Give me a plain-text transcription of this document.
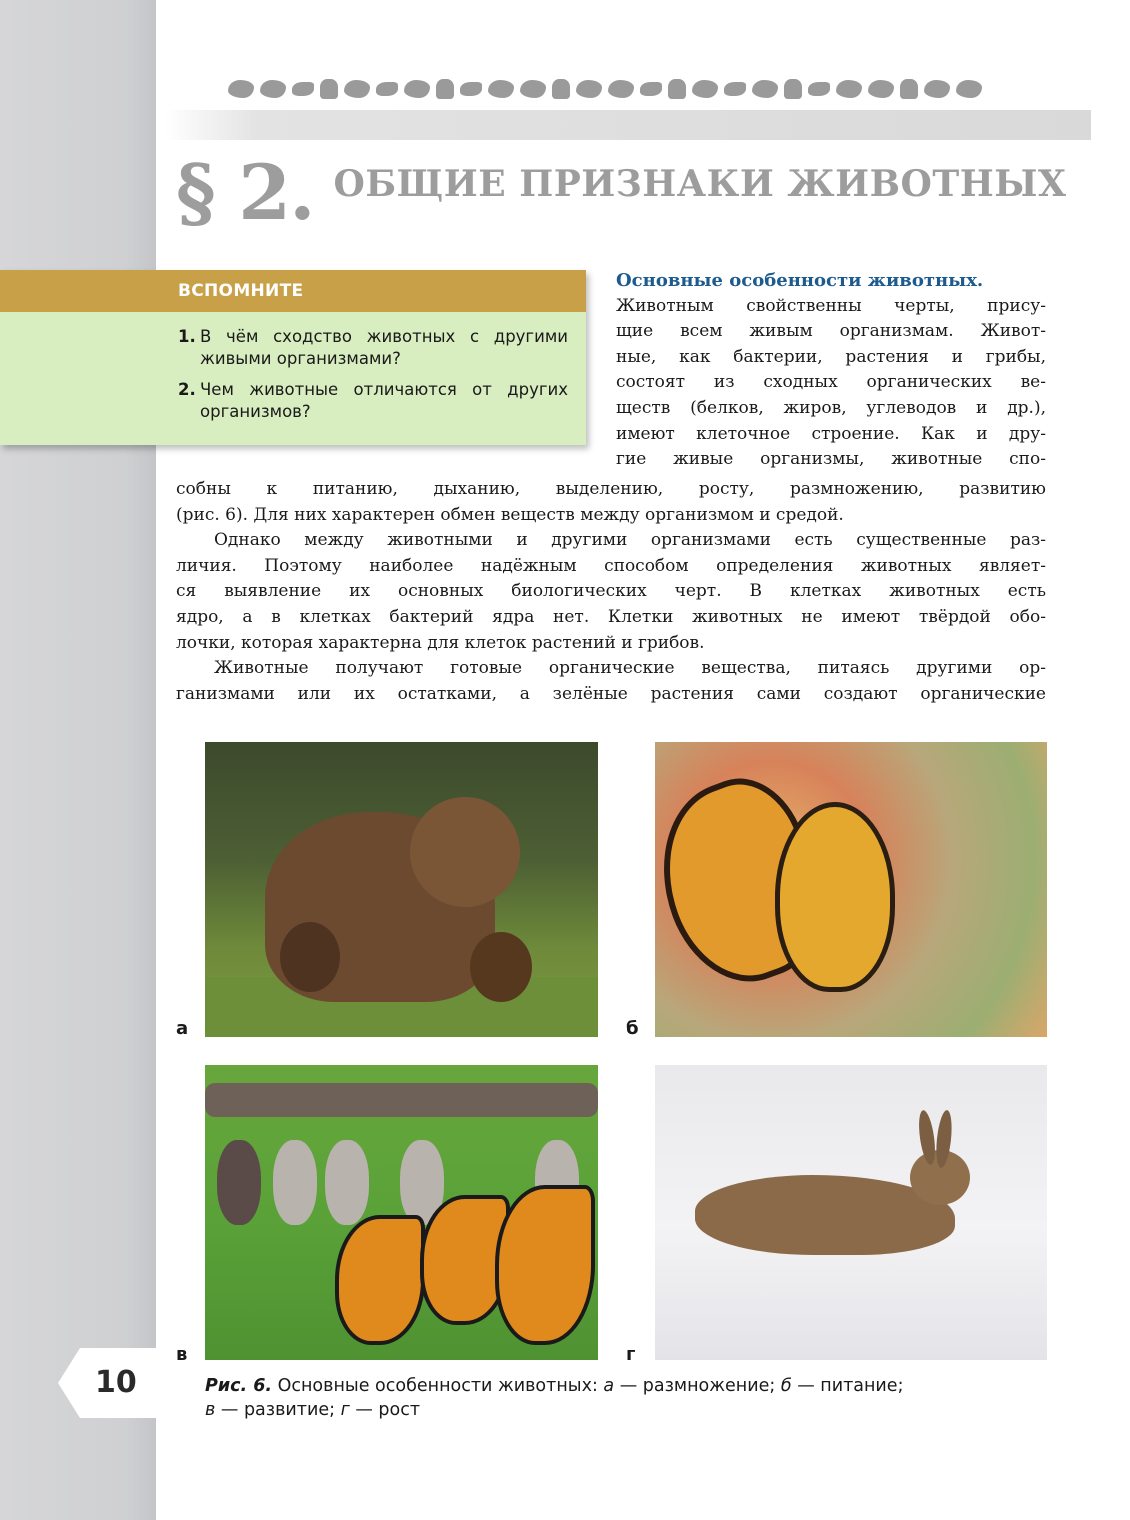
§ 2. ОБЩИЕ ПРИЗНАКИ ЖИВОТНЫХ
ВСПОМНИТЕ
1. В чём сходство животных с другими живыми организмами?
2. Чем животные отличаются от других организмов?
Основные особенности животных.
Животным свойственны черты, прису-
щие всем живым организмам. Живот-
ные, как бактерии, растения и грибы,
состоят из сходных органических ве-
ществ (белков, жиров, углеводов и др.),
имеют клеточное строение. Как и дру-
гие живые организмы, животные спо-
собны к питанию, дыханию, выделению, росту, размножению, развитию
(рис. 6). Для них характерен обмен веществ между организмом и средой.
Однако между животными и другими организмами есть существенные раз-
личия. Поэтому наиболее надёжным способом определения животных являет-
ся выявление их основных биологических черт. В клетках животных есть
ядро, а в клетках бактерий ядра нет. Клетки животных не имеют твёрдой обо-
лочки, которая характерна для клеток растений и грибов.
Животные получают готовые органические вещества, питаясь другими ор-
ганизмами или их остатками, а зелёные растения сами создают органические
а	б
в	г
10	Рис. 6. Основные особенности животных: а — размножение; б — питание;
в — развитие; г — рост
